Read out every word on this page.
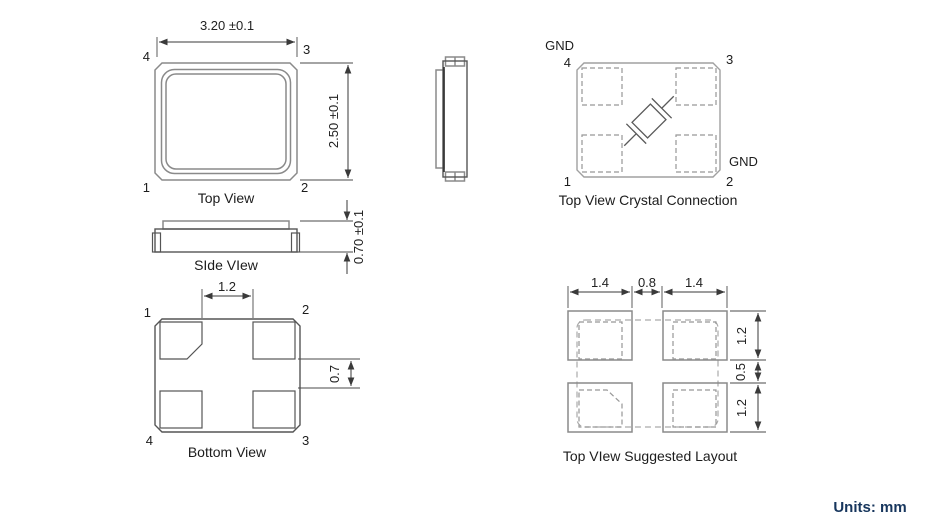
3.20 ±0.1
2.50 ±0.1
4	3
1	2
Top View
0.70 ±0.1
SIde VIew
GND
4	3
1	2
GND
Top View Crystal Connection
1.2
0.7
1	2
4	3
Bottom View
1.4 0.8 1.4
1.2
0.5
1.2
Top VIew Suggested Layout
Units: mm
